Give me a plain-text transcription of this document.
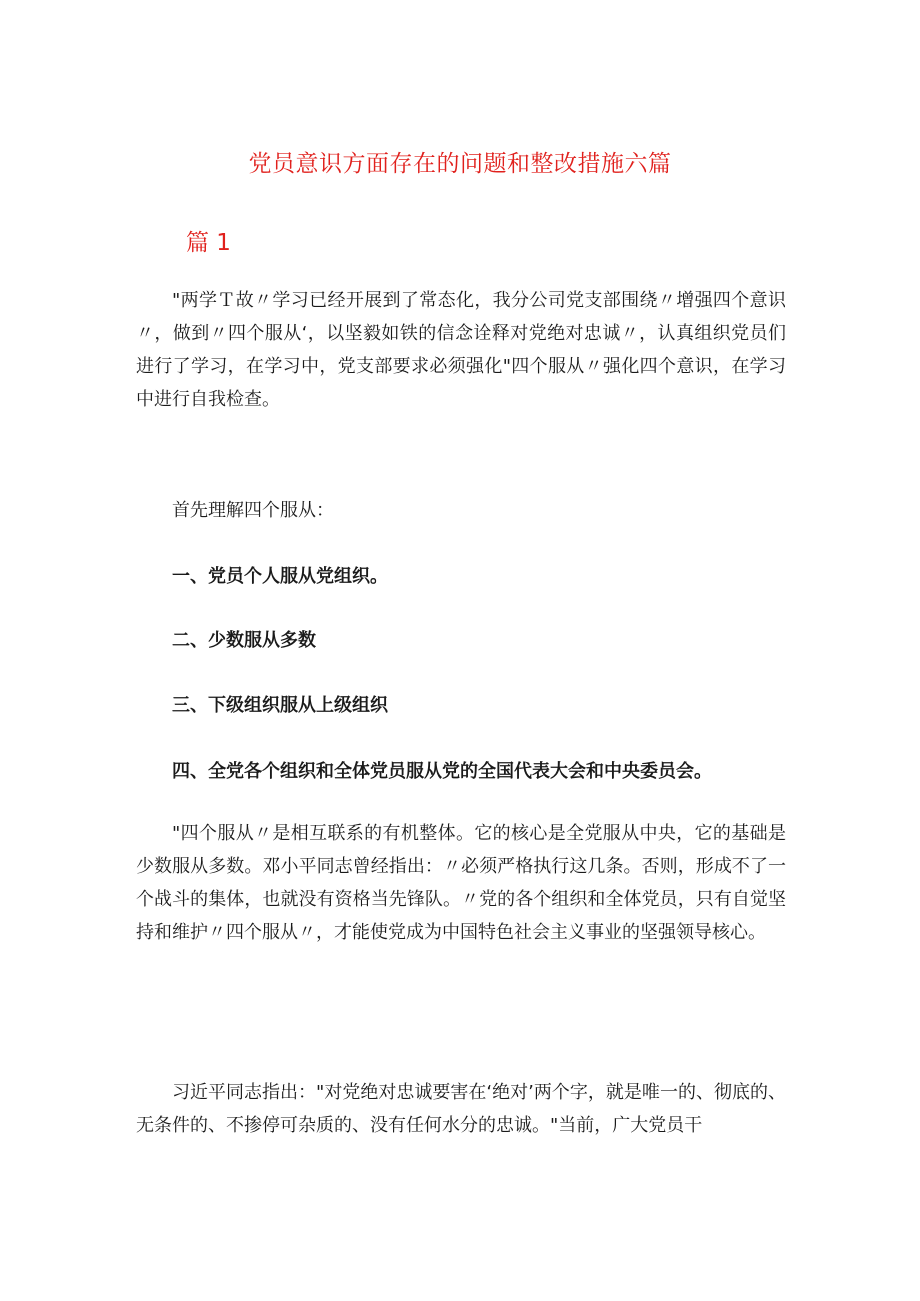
党员意识方面存在的问题和整改措施六篇
篇 1
"两学Ｔ故〃学习已经开展到了常态化，我分公司党支部围绕〃增强四个意识〃，做到〃四个服从‘，以坚毅如铁的信念诠释对党绝对忠诚〃，认真组织党员们进行了学习，在学习中，党支部要求必须强化"四个服从〃强化四个意识，在学习中进行自我检查。
首先理解四个服从：
一、党员个人服从党组织。
二、少数服从多数
三、下级组织服从上级组织
四、全党各个组织和全体党员服从党的全国代表大会和中央委员会。
"四个服从〃是相互联系的有机整体。它的核心是全党服从中央，它的基础是少数服从多数。邓小平同志曾经指出：〃必须严格执行这几条。否则，形成不了一个战斗的集体，也就没有资格当先锋队。〃党的各个组织和全体党员，只有自觉坚持和维护〃四个服从〃，才能使党成为中国特色社会主义事业的坚强领导核心。
习近平同志指出："对党绝对忠诚要害在‘绝对’两个字，就是唯一的、彻底的、无条件的、不掺停可杂质的、没有任何水分的忠诚。"当前，广大党员干
